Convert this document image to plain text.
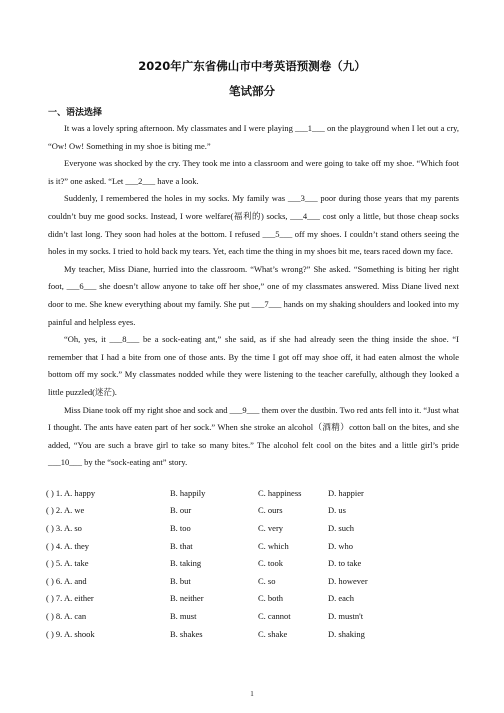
2020年广东省佛山市中考英语预测卷（九）
笔试部分
一、语法选择

It was a lovely spring afternoon. My classmates and I were playing ___1___ on the playground when I let out a cry, “Ow! Ow! Something in my shoe is biting me.”

Everyone was shocked by the cry. They took me into a classroom and were going to take off my shoe. “Which foot is it?” one asked. “Let ___2___ have a look.

Suddenly, I remembered the holes in my socks. My family was ___3___ poor during those years that my parents couldn’t buy me good socks. Instead, I wore welfare(福利的) socks, ___4___ cost only a little, but those cheap socks didn’t last long. They soon had holes at the bottom. I refused ___5___ off my shoes. I couldn’t stand others seeing the holes in my socks. I tried to hold back my tears. Yet, each time the thing in my shoes bit me, tears raced down my face.

My teacher, Miss Diane, hurried into the classroom. “What’s wrong?” She asked. “Something is biting her right foot, ___6___ she doesn’t allow anyone to take off her shoe,” one of my classmates answered. Miss Diane lived next door to me. She knew everything about my family. She put ___7___ hands on my shaking shoulders and looked into my painful and helpless eyes.

“Oh, yes, it ___8___ be a sock-eating ant,” she said, as if she had already seen the thing inside the shoe. “I remember that I had a bite from one of those ants. By the time I got off may shoe off, it had eaten almost the whole bottom off my sock.” My classmates nodded while they were listening to the teacher carefully, although they looked a little puzzled(迷茫).

Miss Diane took off my right shoe and sock and ___9___ them over the dustbin. Two red ants fell into it. “Just what I thought. The ants have eaten part of her sock.” When she stroke an alcohol（酒精）cotton ball on the bites, and she added, “You are such a brave girl to take so many bites.” The alcohol felt cool on the bites and a little girl’s pride ___10___ by the “sock-eating ant” story.

( ) 1. A. happy	B. happily	C. happiness	D. happier
( ) 2. A. we	B. our	C. ours	D. us
( ) 3. A. so	B. too	C. very	D. such
( ) 4. A. they	B. that	C. which	D. who
( ) 5. A. take	B. taking	C. took	D. to take
( ) 6. A. and	B. but	C. so	D. however
( ) 7. A. either	B. neither	C. both	D. each
( ) 8. A. can	B. must	C. cannot	D. mustn't
( ) 9. A. shook	B. shakes	C. shake	D. shaking
1
